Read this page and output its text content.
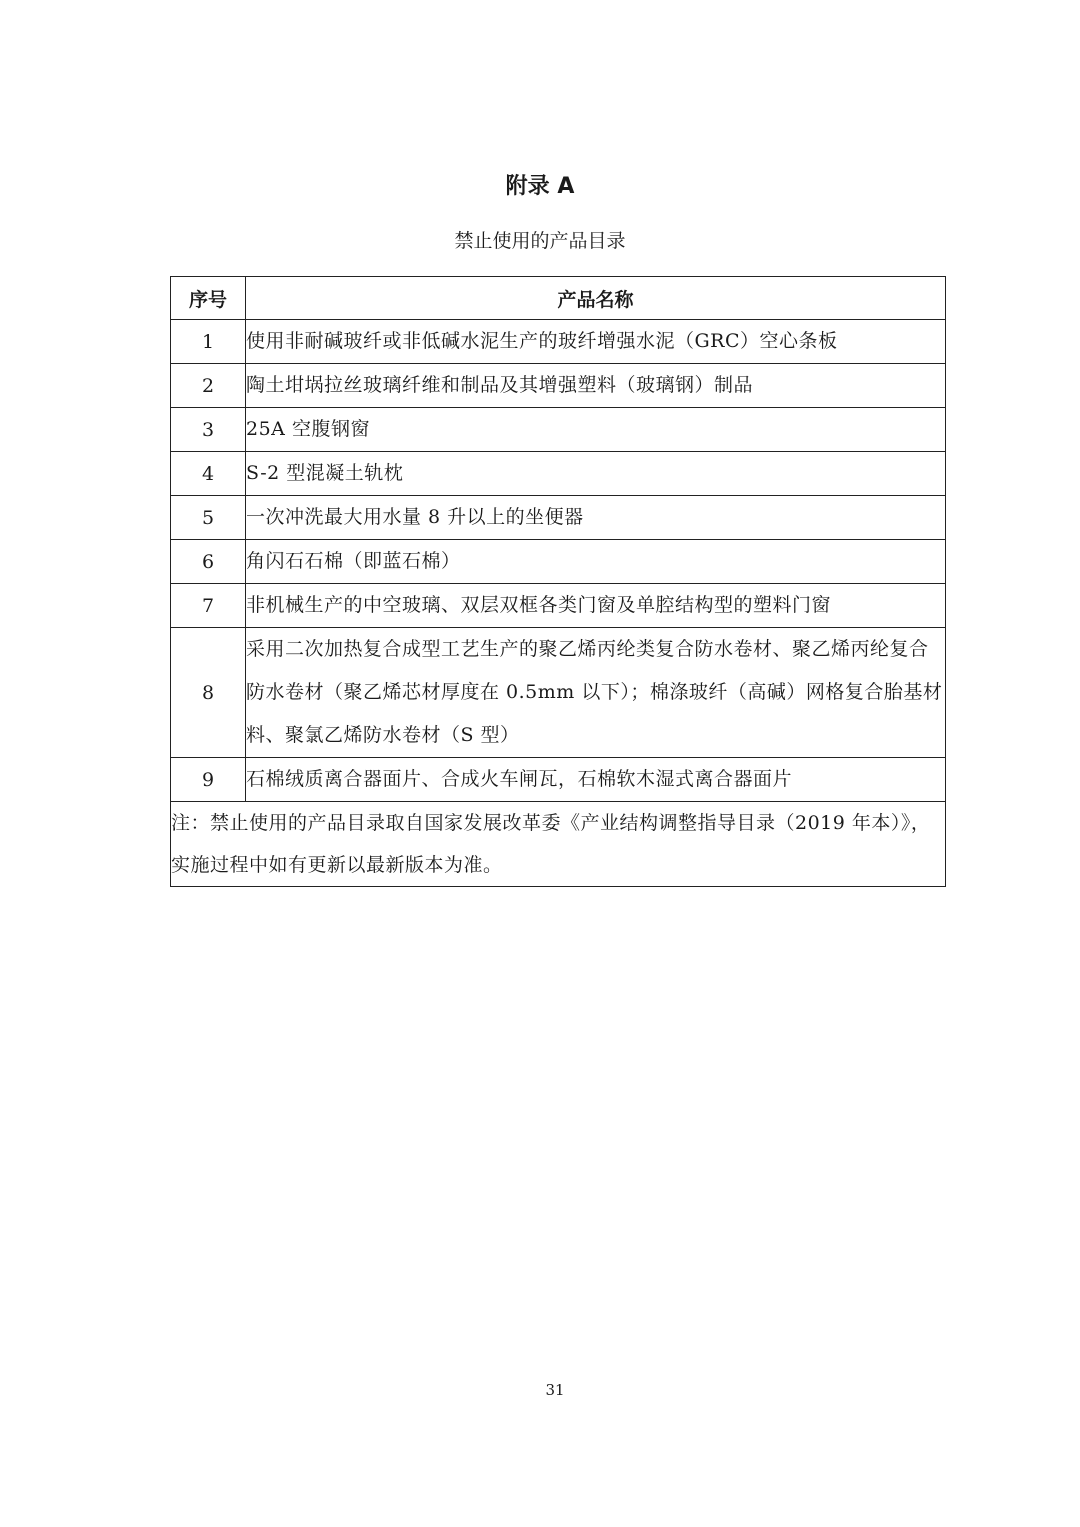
附录 A
禁止使用的产品目录
序号	产品名称
1	使用非耐碱玻纤或非低碱水泥生产的玻纤增强水泥（GRC）空心条板
2	陶土坩埚拉丝玻璃纤维和制品及其增强塑料（玻璃钢）制品
3	25A 空腹钢窗
4	S-2 型混凝土轨枕
5	一次冲洗最大用水量 8 升以上的坐便器
6	角闪石石棉（即蓝石棉）
7	非机械生产的中空玻璃、双层双框各类门窗及单腔结构型的塑料门窗
8	采用二次加热复合成型工艺生产的聚乙烯丙纶类复合防水卷材、聚乙烯丙纶复合防水卷材（聚乙烯芯材厚度在 0.5mm 以下）；棉涤玻纤（高碱）网格复合胎基材料、聚氯乙烯防水卷材（S 型）
9	石棉绒质离合器面片、合成火车闸瓦，石棉软木湿式离合器面片
注：禁止使用的产品目录取自国家发展改革委《产业结构调整指导目录（2019 年本）》，实施过程中如有更新以最新版本为准。	
31
